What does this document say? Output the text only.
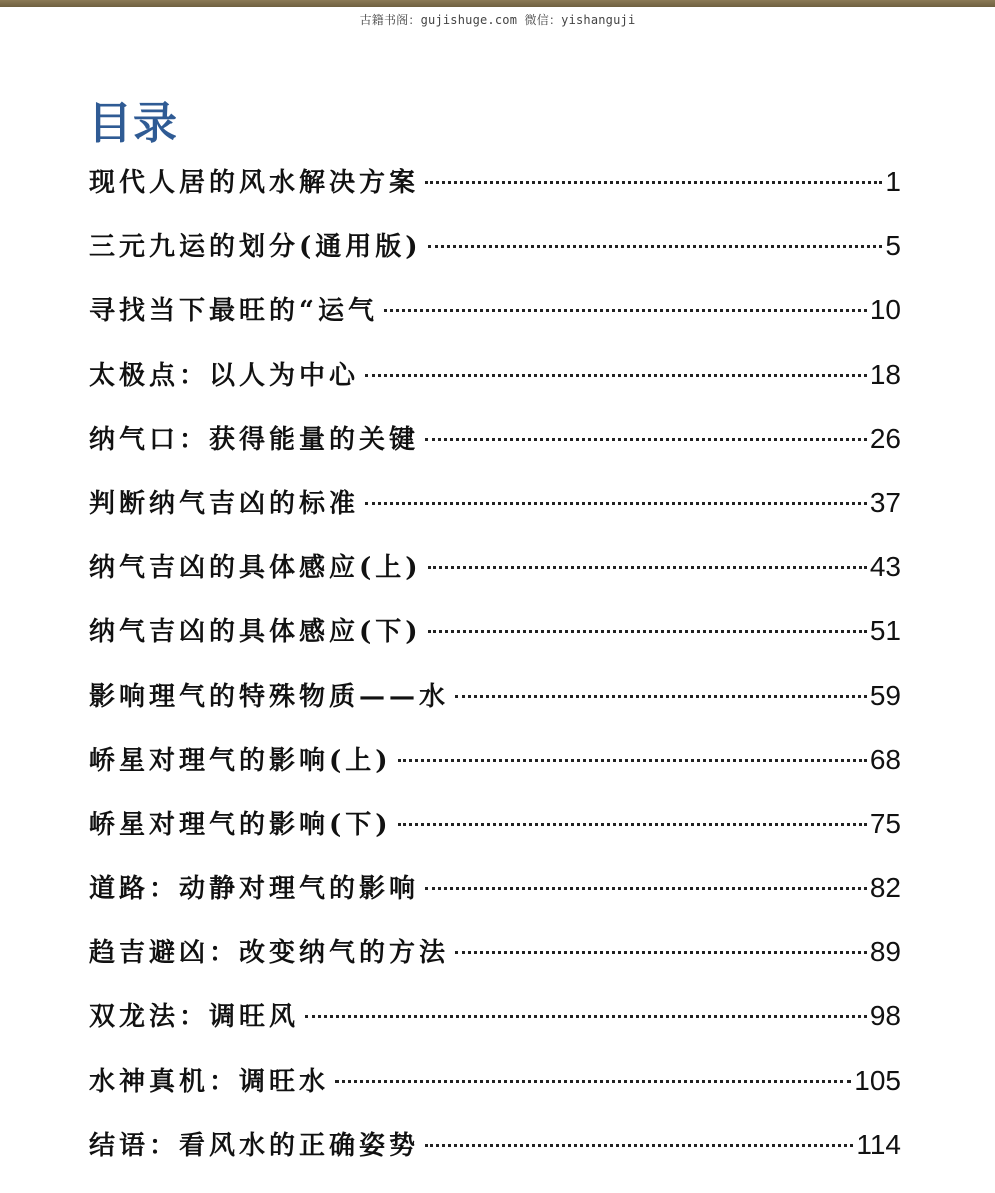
古籍书阁：gujishuge.com 微信：yishanguji
目录
现代人居的风水解决方案	1
三元九运的划分(通用版)	5
寻找当下最旺的“运气	10
太极点：以人为中心	18
纳气口：获得能量的关键	26
判断纳气吉凶的标准	37
纳气吉凶的具体感应(上)	43
纳气吉凶的具体感应(下)	51
影响理气的特殊物质——水	59
峤星对理气的影响(上)	68
峤星对理气的影响(下)	75
道路：动静对理气的影响	82
趋吉避凶：改变纳气的方法	89
双龙法：调旺风	98
水神真机：调旺水	105
结语：看风水的正确姿势	114
